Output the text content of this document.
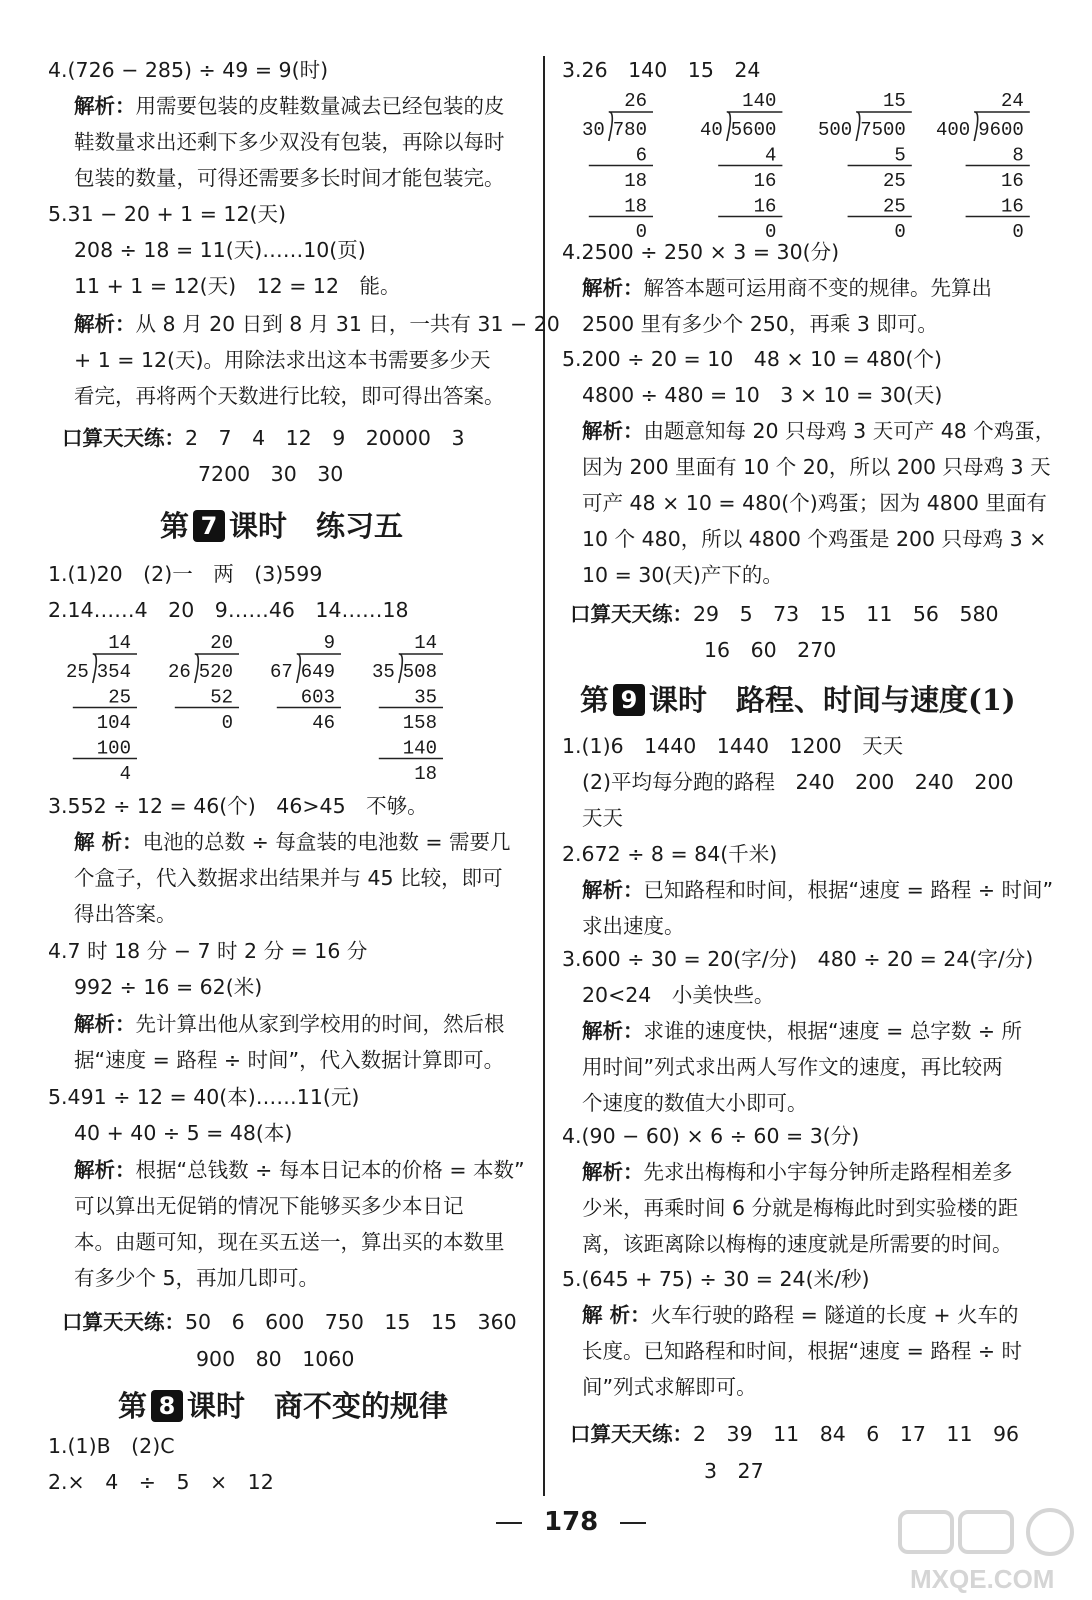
4.(726 − 285) ÷ 49 = 9(时)
解析：用需要包装的皮鞋数量减去已经包装的皮
鞋数量求出还剩下多少双没有包装，再除以每时
包装的数量，可得还需要多长时间才能包装完。
5.31 − 20 + 1 = 12(天)
208 ÷ 18 = 11(天)……10(页)
11 + 1 = 12(天)　12 = 12　能。
解析：从 8 月 20 日到 8 月 31 日，一共有 31 − 20
+ 1 = 12(天)。用除法求出这本书需要多少天
看完，再将两个天数进行比较，即可得出答案。
口算天天练：2　7　4　12　9　20000　3
7200　30　30
第 7 课时　练习五
1.(1)20　(2)一　两　(3)599
2.14……4　20　9……46　14……18
14
25 354
25
104
100
4
20
26 520
52
0
9
67 649
603
46
14
35 508
35
158
140
18
3.552 ÷ 12 = 46(个)　46>45　不够。
解 析：电池的总数 ÷ 每盒装的电池数 = 需要几
个盒子，代入数据求出结果并与 45 比较，即可
得出答案。
4.7 时 18 分 − 7 时 2 分 = 16 分
992 ÷ 16 = 62(米)
解析：先计算出他从家到学校用的时间，然后根
据“速度 = 路程 ÷ 时间”，代入数据计算即可。
5.491 ÷ 12 = 40(本)……11(元)
40 + 40 ÷ 5 = 48(本)
解析：根据“总钱数 ÷ 每本日记本的价格 = 本数”
可以算出无促销的情况下能够买多少本日记
本。由题可知，现在买五送一，算出买的本数里
有多少个 5，再加几即可。
口算天天练：50　6　600　750　15　15　360
900　80　1060
第 8 课时　商不变的规律
1.(1)B　(2)C
2.×　4　÷　5　×　12
3.26　140　15　24
26
30 780
6
18
18
0
140
40 5600
4
16
16
0
15
500 7500
5
25
25
0
24
400 9600
8
16
16
0
4.2500 ÷ 250 × 3 = 30(分)
解析：解答本题可运用商不变的规律。先算出
2500 里有多少个 250，再乘 3 即可。
5.200 ÷ 20 = 10　48 × 10 = 480(个)
4800 ÷ 480 = 10　3 × 10 = 30(天)
解析：由题意知每 20 只母鸡 3 天可产 48 个鸡蛋，
因为 200 里面有 10 个 20，所以 200 只母鸡 3 天
可产 48 × 10 = 480(个)鸡蛋；因为 4800 里面有
10 个 480，所以 4800 个鸡蛋是 200 只母鸡 3 ×
10 = 30(天)产下的。
口算天天练：29　5　73　15　11　56　580
16　60　270
第 9 课时　路程、时间与速度(1)
1.(1)6　1440　1440　1200　天天
(2)平均每分跑的路程　240　200　240　200
天天
2.672 ÷ 8 = 84(千米)
解析：已知路程和时间，根据“速度 = 路程 ÷ 时间”
求出速度。
3.600 ÷ 30 = 20(字/分)　480 ÷ 20 = 24(字/分)
20<24　小美快些。
解析：求谁的速度快，根据“速度 = 总字数 ÷ 所
用时间”列式求出两人写作文的速度，再比较两
个速度的数值大小即可。
4.(90 − 60) × 6 ÷ 60 = 3(分)
解析：先求出梅梅和小宇每分钟所走路程相差多
少米，再乘时间 6 分就是梅梅此时到实验楼的距
离，该距离除以梅梅的速度就是所需要的时间。
5.(645 + 75) ÷ 30 = 24(米/秒)
解 析：火车行驶的路程 = 隧道的长度 + 火车的
长度。已知路程和时间，根据“速度 = 路程 ÷ 时
间”列式求解即可。
口算天天练：2　39　11　84　6　17　11　96
3　27
178
MXQE.COM
